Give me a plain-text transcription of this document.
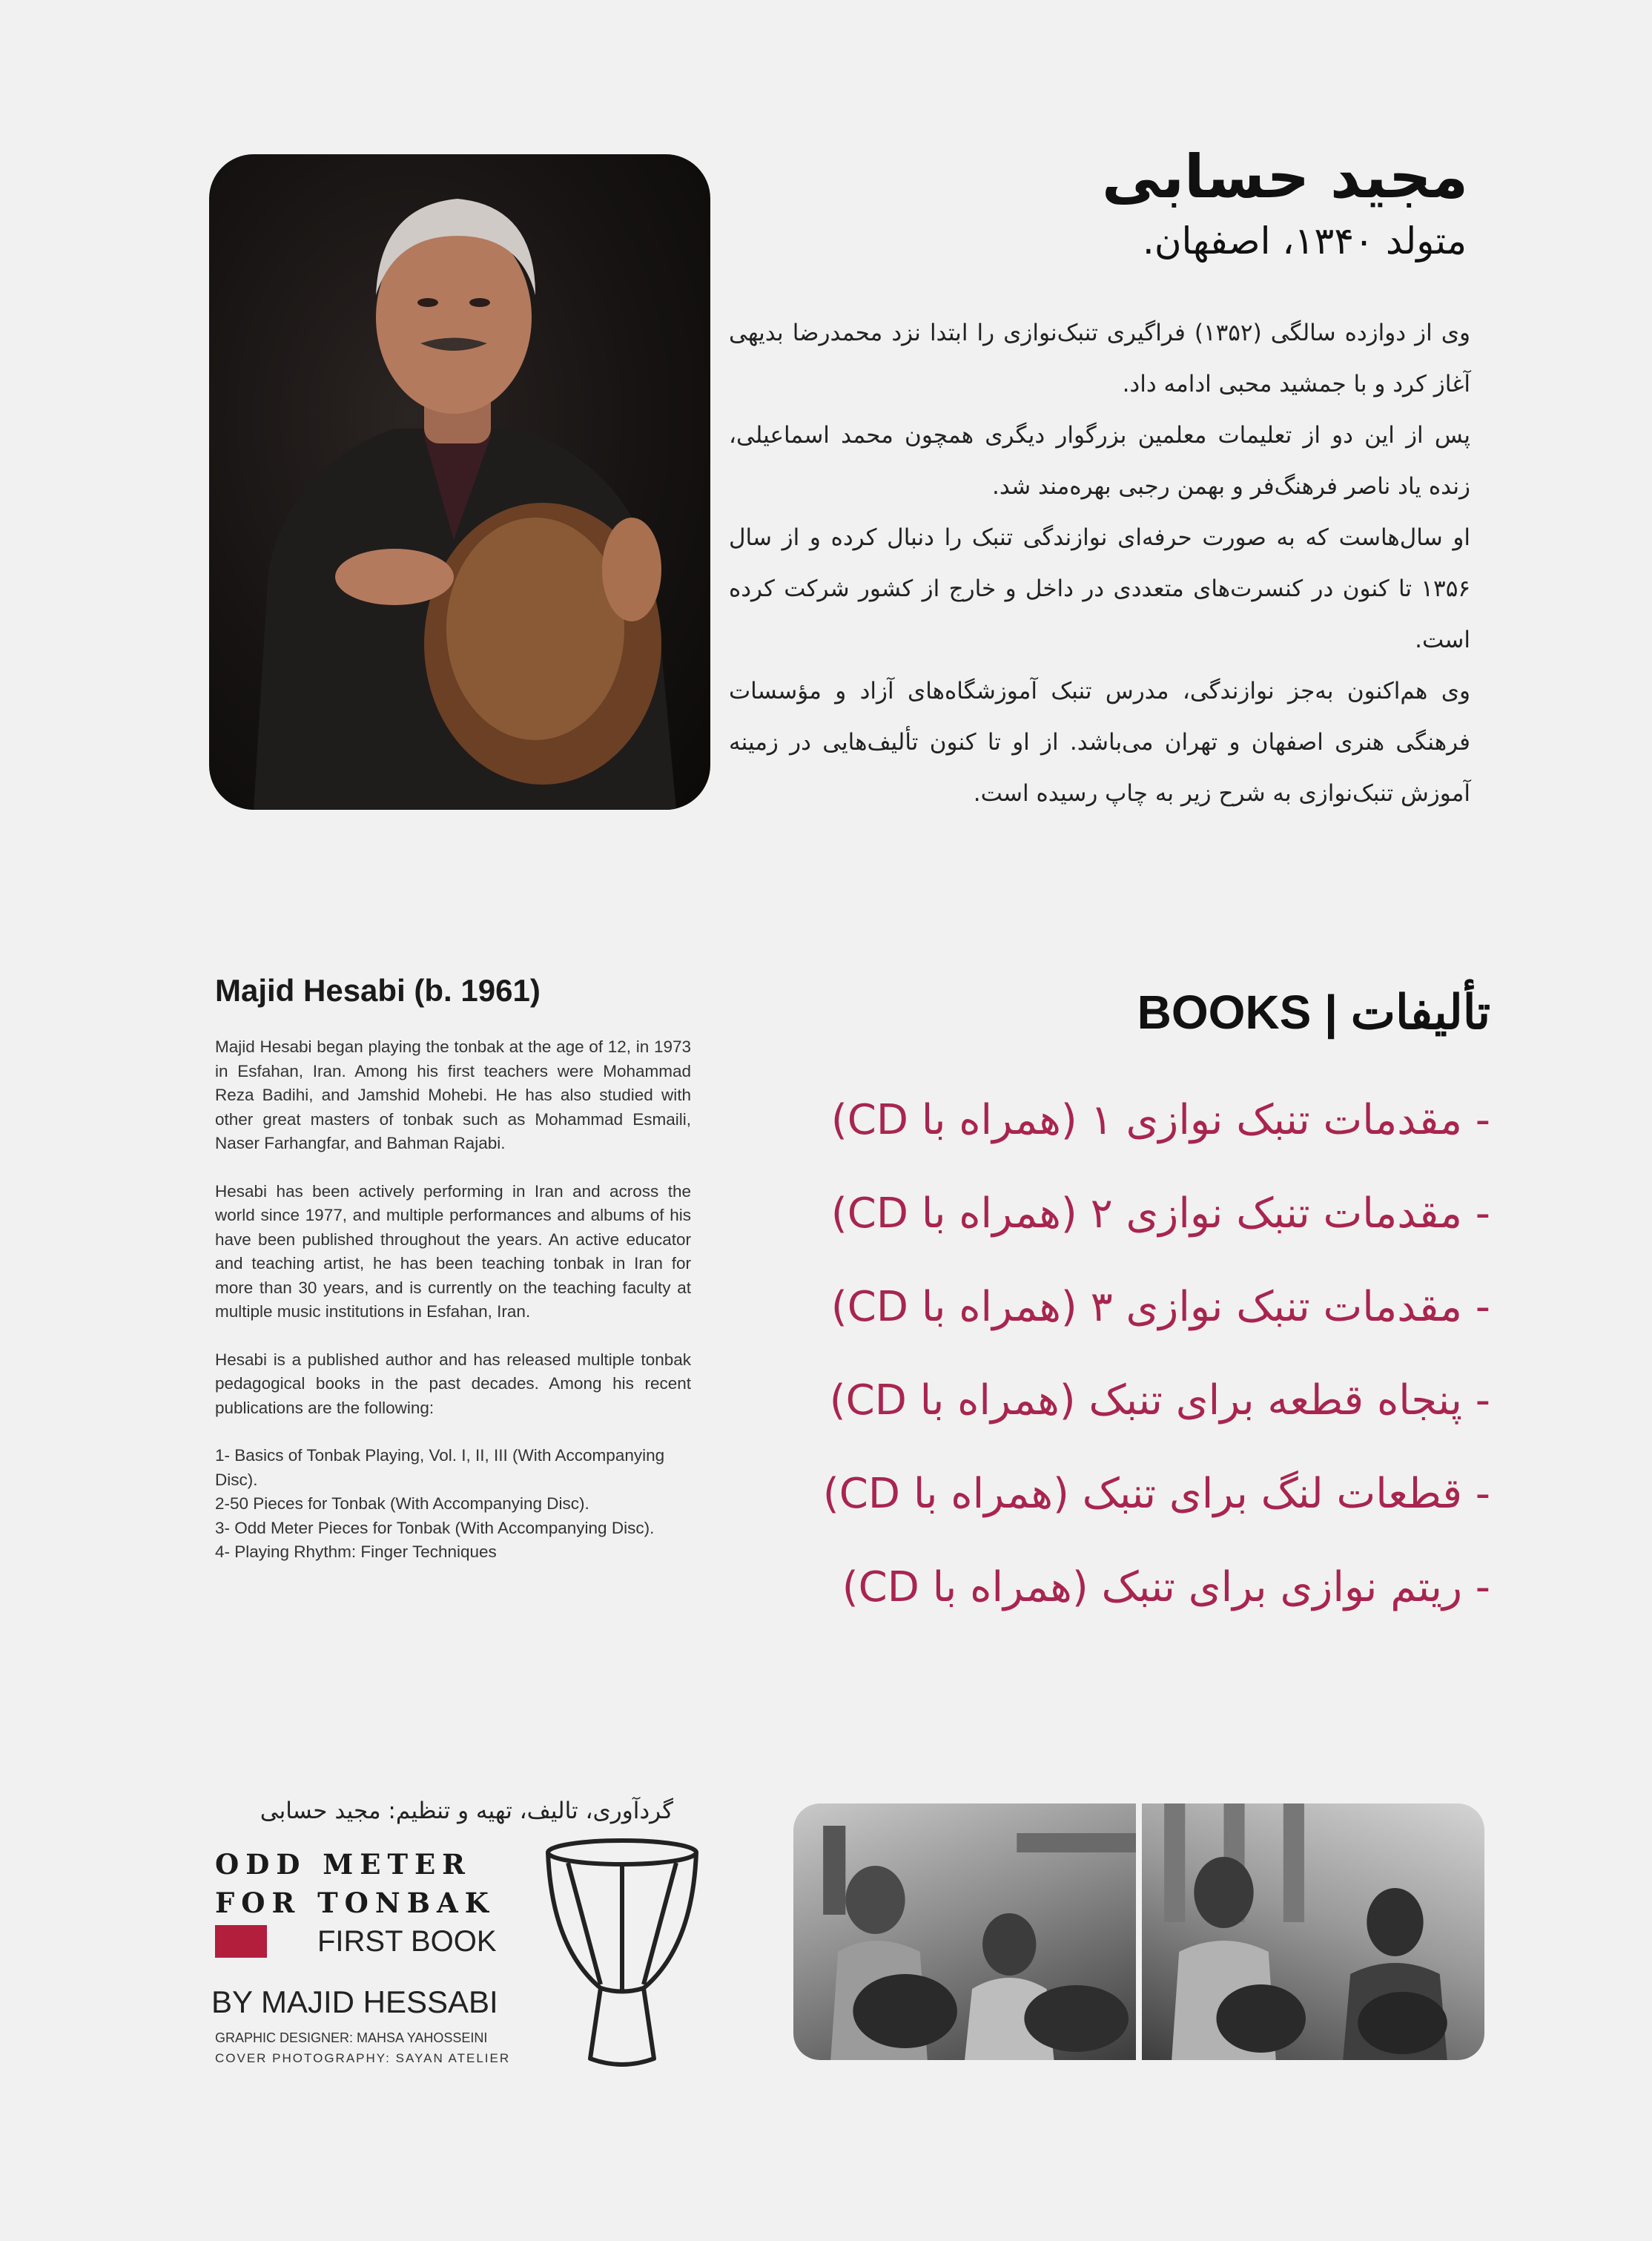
مجید حسابی

متولد ۱۳۴۰، اصفهان.

وی از دوازده سالگی (۱۳۵۲) فراگیری تنبک‌نوازی را ابتدا نزد محمدرضا بدیهی آغاز کرد و با جمشید محبی ادامه داد.

پس از این دو از تعلیمات معلمین بزرگوار دیگری همچون محمد اسماعیلی، زنده یاد ناصر فرهنگ‌فر و بهمن رجبی بهره‌مند شد.

او سال‌هاست که به صورت حرفه‌ای نوازندگی تنبک را دنبال کرده و از سال ۱۳۵۶ تا کنون در کنسرت‌های متعددی در داخل و خارج از کشور شرکت کرده است.

وی هم‌اکنون به‌جز نوازندگی، مدرس تنبک آموزشگاه‌های آزاد و مؤسسات فرهنگی هنری اصفهان و تهران می‌باشد. از او تا کنون تألیف‌هایی در زمینه آموزش تنبک‌نوازی به شرح زیر به چاپ رسیده است.

Majid Hesabi (b. 1961)

Majid Hesabi began playing the tonbak at the age of 12, in 1973 in Esfahan, Iran. Among his first teachers were Mohammad Reza Badihi, and Jamshid Mohebi. He has also studied with other great masters of tonbak such as Mohammad Esmaili, Naser Farhangfar, and Bahman Rajabi.

Hesabi has been actively performing in Iran and across the world since 1977, and multiple performances and albums of his have been published throughout the years. An active educator and teaching artist, he has been teaching tonbak in Iran for more than 30 years, and is currently on the teaching faculty at multiple music institutions in Esfahan, Iran.

Hesabi is a published author and has released multiple tonbak pedagogical books in the past decades. Among his recent publications are the following:

1- Basics of Tonbak Playing, Vol. I, II, III (With Accompanying Disc).
2-50 Pieces for Tonbak (With Accompanying Disc).
3- Odd Meter Pieces for Tonbak (With Accompanying Disc).
4- Playing Rhythm: Finger Techniques
BOOKS | تألیفات
- مقدمات تنبک نوازی ۱ (همراه با CD)
- مقدمات تنبک نوازی ۲ (همراه با CD)
- مقدمات تنبک نوازی ۳ (همراه با CD)
- پنجاه قطعه برای تنبک (همراه با CD)
- قطعات لنگ برای تنبک (همراه با CD)
- ریتم نوازی برای تنبک (همراه با CD)

گردآوری، تالیف، تهیه و تنظیم: مجید حسابی

ODD METER
FOR TONBAK

FIRST BOOK

BY MAJID HESSABI

GRAPHIC DESIGNER: MAHSA YAHOSSEINI

COVER PHOTOGRAPHY: SAYAN ATELIER
